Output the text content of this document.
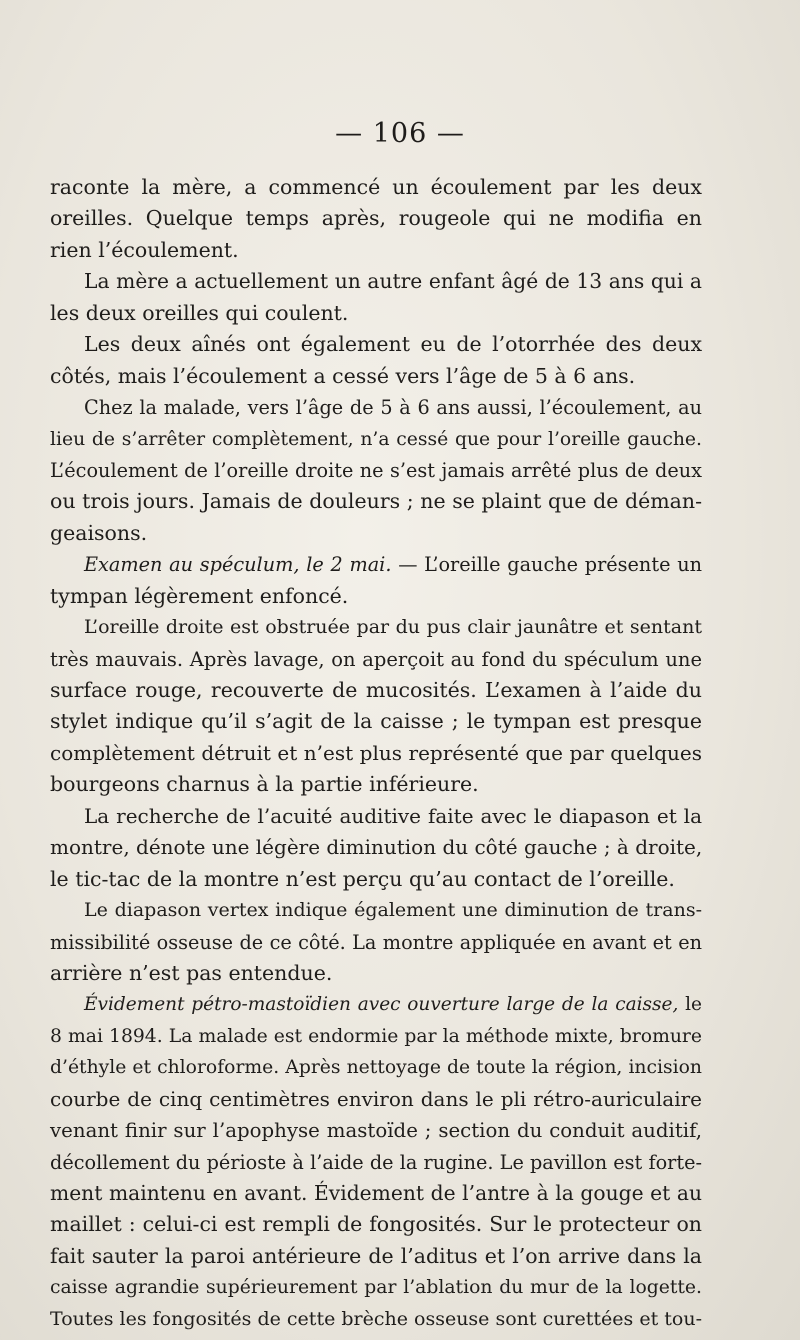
— 106 —
raconte la mère, a commencé un écoulement par les deux
oreilles. Quelque temps après, rougeole qui ne modifia en
rien l’écoulement.
La mère a actuellement un autre enfant âgé de 13 ans qui a
les deux oreilles qui coulent.
Les deux aînés ont également eu de l’otorrhée des deux
côtés, mais l’écoulement a cessé vers l’âge de 5 à 6 ans.
Chez la malade, vers l’âge de 5 à 6 ans aussi, l’écoulement, au
lieu de s’arrêter complètement, n’a cessé que pour l’oreille gauche.
L’écoulement de l’oreille droite ne s’est jamais arrêté plus de deux
ou trois jours. Jamais de douleurs ; ne se plaint que de déman-
geaisons.
Examen au spéculum, le 2 mai. — L’oreille gauche présente un
tympan légèrement enfoncé.
L’oreille droite est obstruée par du pus clair jaunâtre et sentant
très mauvais. Après lavage, on aperçoit au fond du spéculum une
surface rouge, recouverte de mucosités. L’examen à l’aide du
stylet indique qu’il s’agit de la caisse ; le tympan est presque
complètement détruit et n’est plus représenté que par quelques
bourgeons charnus à la partie inférieure.
La recherche de l’acuité auditive faite avec le diapason et la
montre, dénote une légère diminution du côté gauche ; à droite,
le tic-tac de la montre n’est perçu qu’au contact de l’oreille.
Le diapason vertex indique également une diminution de trans-
missibilité osseuse de ce côté. La montre appliquée en avant et en
arrière n’est pas entendue.
Évidement pétro-mastoïdien avec ouverture large de la caisse, le
8 mai 1894. La malade est endormie par la méthode mixte, bromure
d’éthyle et chloroforme. Après nettoyage de toute la région, incision
courbe de cinq centimètres environ dans le pli rétro-auriculaire
venant finir sur l’apophyse mastoïde ; section du conduit auditif,
décollement du périoste à l’aide de la rugine. Le pavillon est forte-
ment maintenu en avant. Évidement de l’antre à la gouge et au
maillet : celui-ci est rempli de fongosités. Sur le protecteur on
fait sauter la paroi antérieure de l’aditus et l’on arrive dans la
caisse agrandie supérieurement par l’ablation du mur de la logette.
Toutes les fongosités de cette brèche osseuse sont curettées et tou-
